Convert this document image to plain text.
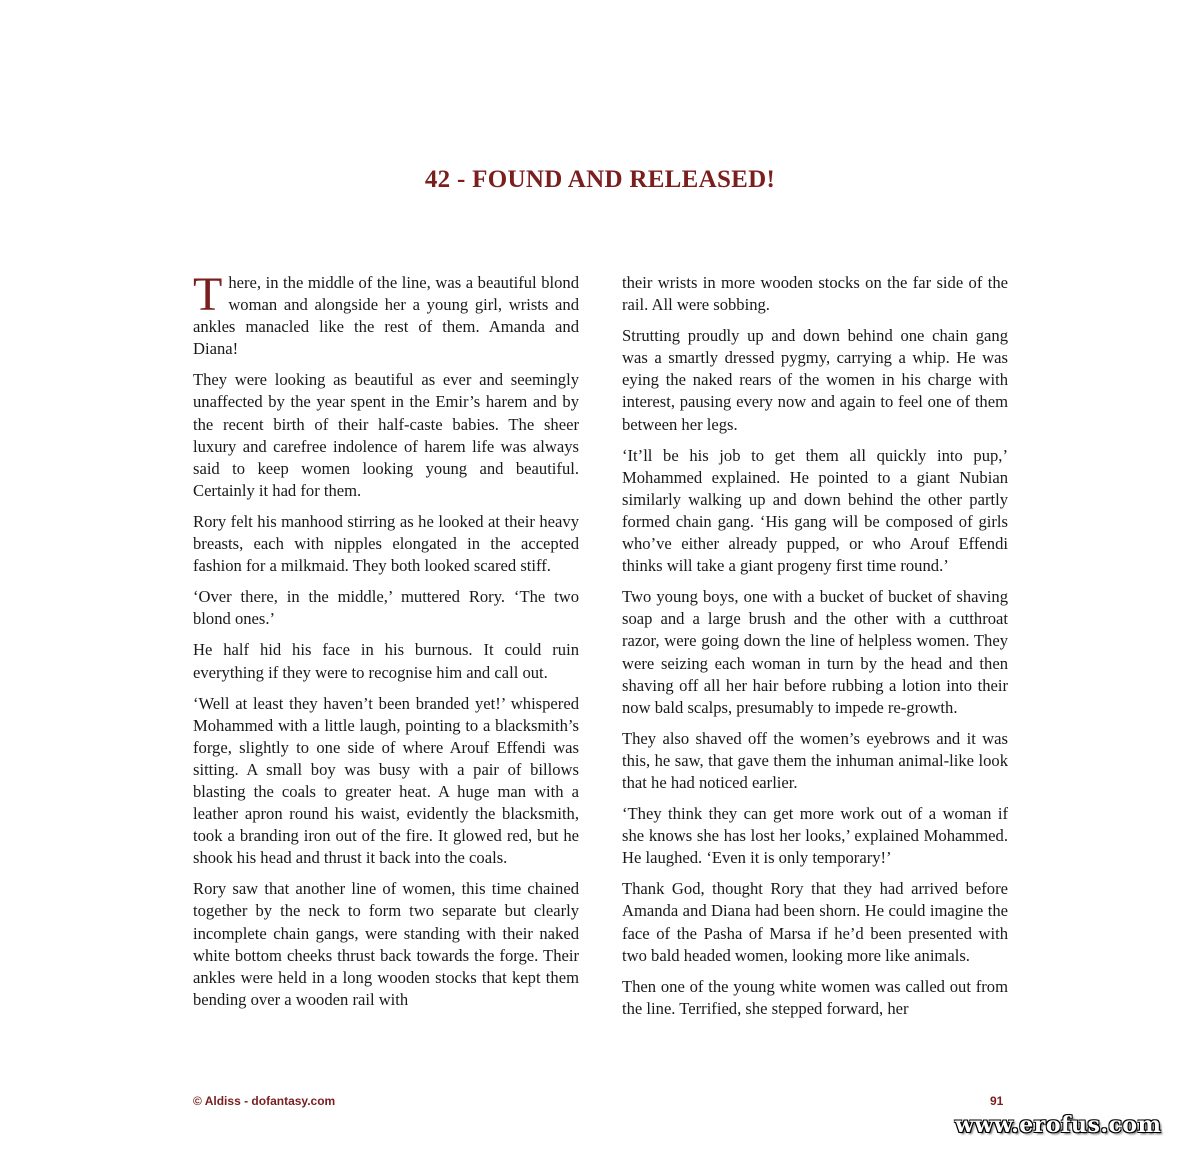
42 - FOUND AND RELEASED!

There, in the middle of the line, was a beautiful blond woman and alongside her a young girl, wrists and ankles manacled like the rest of them. Amanda and Diana!

They were looking as beautiful as ever and seemingly unaffected by the year spent in the Emir’s harem and by the recent birth of their half-caste babies. The sheer luxury and carefree indolence of harem life was always said to keep women looking young and beautiful. Certainly it had for them.

Rory felt his manhood stirring as he looked at their heavy breasts, each with nipples elongated in the accepted fashion for a milkmaid. They both looked scared stiff.

‘Over there, in the middle,’ muttered Rory. ‘The two blond ones.’

He half hid his face in his burnous. It could ruin everything if they were to recognise him and call out.

‘Well at least they haven’t been branded yet!’ whispered Mohammed with a little laugh, pointing to a blacksmith’s forge, slightly to one side of where Arouf Effendi was sitting. A small boy was busy with a pair of billows blasting the coals to greater heat. A huge man with a leather apron round his waist, evidently the blacksmith, took a branding iron out of the fire. It glowed red, but he shook his head and thrust it back into the coals.

Rory saw that another line of women, this time chained together by the neck to form two separate but clearly incomplete chain gangs, were standing with their naked white bottom cheeks thrust back towards the forge. Their ankles were held in a long wooden stocks that kept them bending over a wooden rail with

their wrists in more wooden stocks on the far side of the rail. All were sobbing.

Strutting proudly up and down behind one chain gang was a smartly dressed pygmy, carrying a whip. He was eying the naked rears of the women in his charge with interest, pausing every now and again to feel one of them between her legs.

‘It’ll be his job to get them all quickly into pup,’ Mohammed explained. He pointed to a giant Nubian similarly walking up and down behind the other partly formed chain gang. ‘His gang will be composed of girls who’ve either already pupped, or who Arouf Effendi thinks will take a giant progeny first time round.’

Two young boys, one with a bucket of bucket of shaving soap and a large brush and the other with a cutthroat razor, were going down the line of helpless women. They were seizing each woman in turn by the head and then shaving off all her hair before rubbing a lotion into their now bald scalps, presumably to impede re-growth.

They also shaved off the women’s eyebrows and it was this, he saw, that gave them the inhuman animal-like look that he had noticed earlier.

‘They think they can get more work out of a woman if she knows she has lost her looks,’ explained Mohammed. He laughed. ‘Even it is only temporary!’

Thank God, thought Rory that they had arrived before Amanda and Diana had been shorn. He could imagine the face of the Pasha of Marsa if he’d been presented with two bald headed women, looking more like animals.

Then one of the young white women was called out from the line. Terrified, she stepped forward, her

© Aldiss - dofantasy.com	91
www.erofus.com
